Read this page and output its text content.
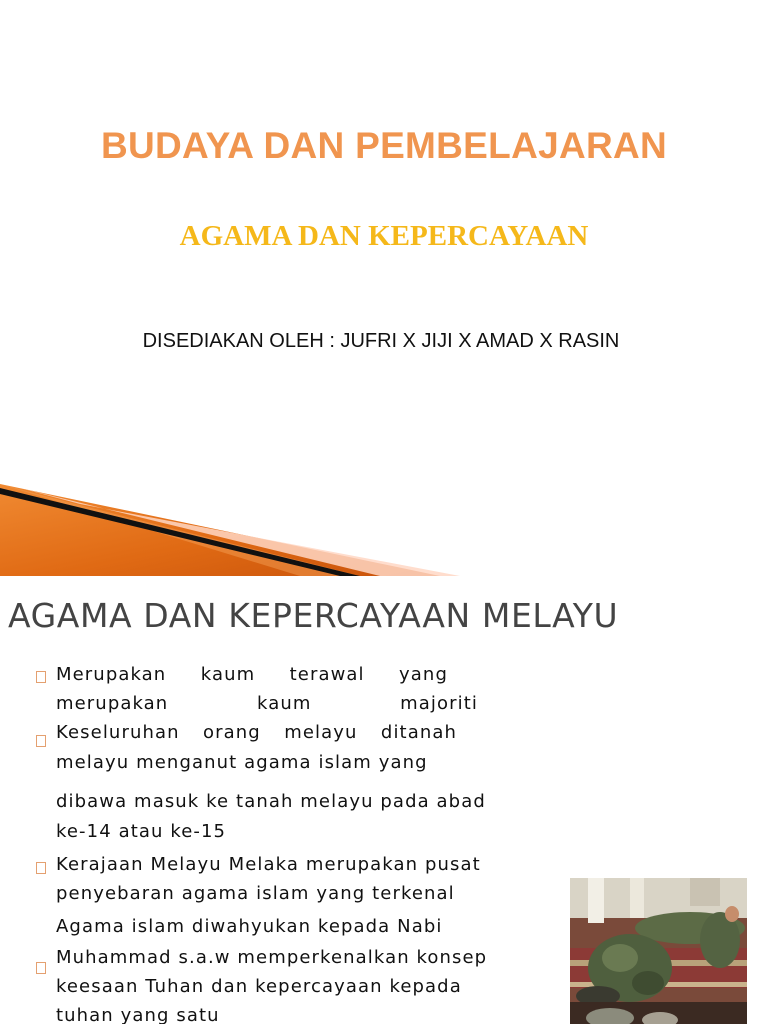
BUDAYA DAN PEMBELAJARAN
AGAMA DAN KEPERCAYAAN
DISEDIAKAN OLEH : JUFRI X JIJI X AMAD X RASIN
AGAMA DAN KEPERCAYAAN MELAYU
Merupakan kaum terawal yang
merupakan	kaum	majoriti
Keseluruhan orang melayu ditanah
melayu menganut agama islam yang
dibawa masuk ke tanah melayu pada abad
ke-14 atau ke-15
Kerajaan Melayu Melaka merupakan pusat
penyebaran agama islam yang terkenal
Agama islam diwahyukan kepada Nabi
Muhammad s.a.w memperkenalkan konsep
keesaan Tuhan dan kepercayaan kepada
tuhan yang satu
